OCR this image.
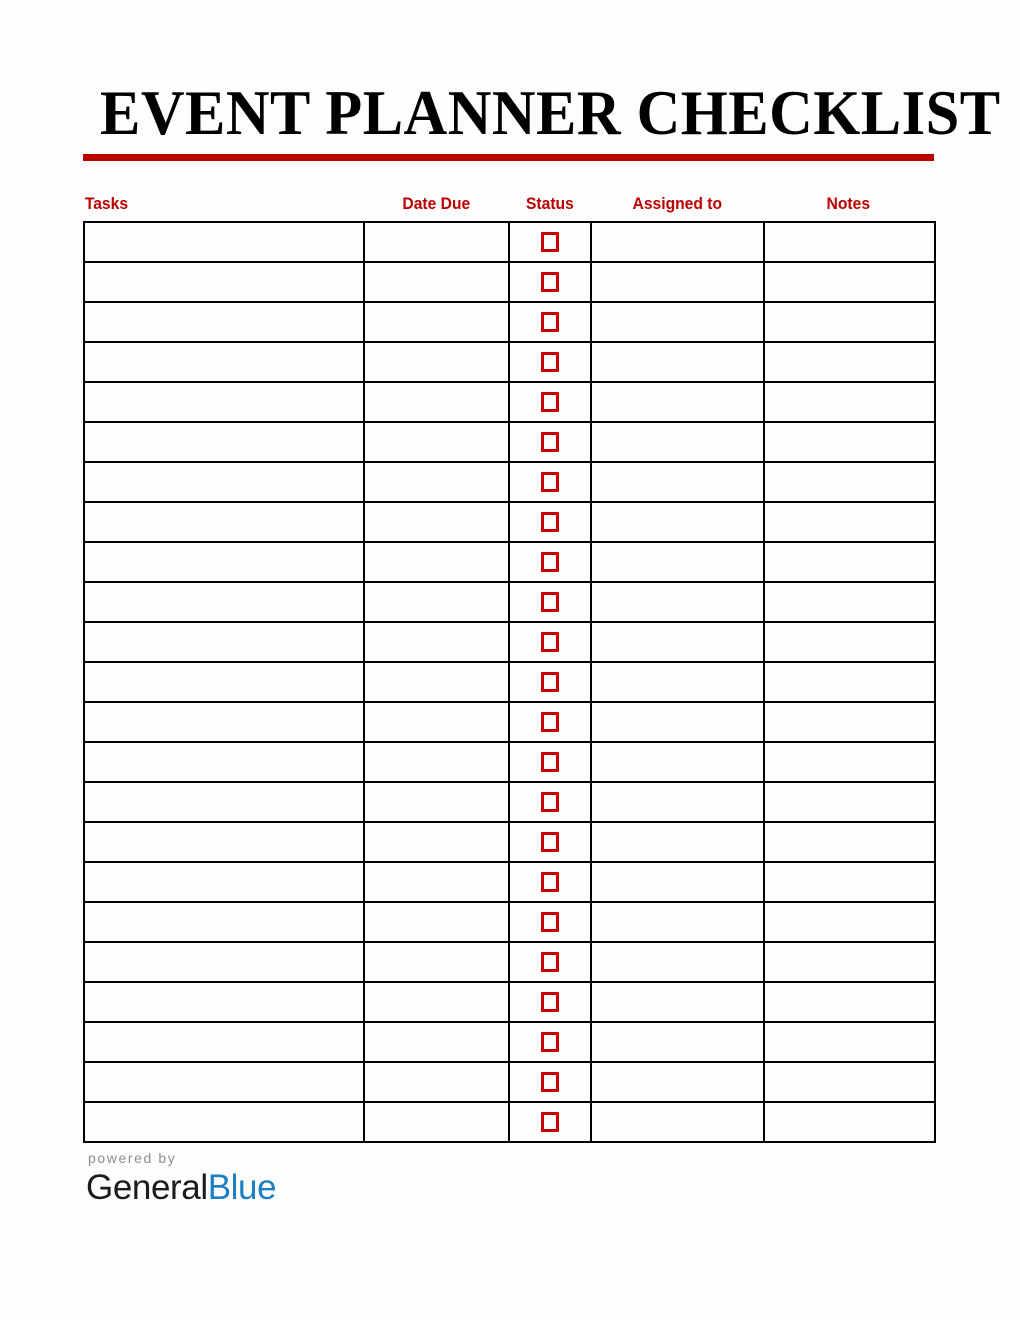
EVENT PLANNER CHECKLIST
Tasks	Date Due	Status	Assigned to	Notes

powered by
GeneralBlue
